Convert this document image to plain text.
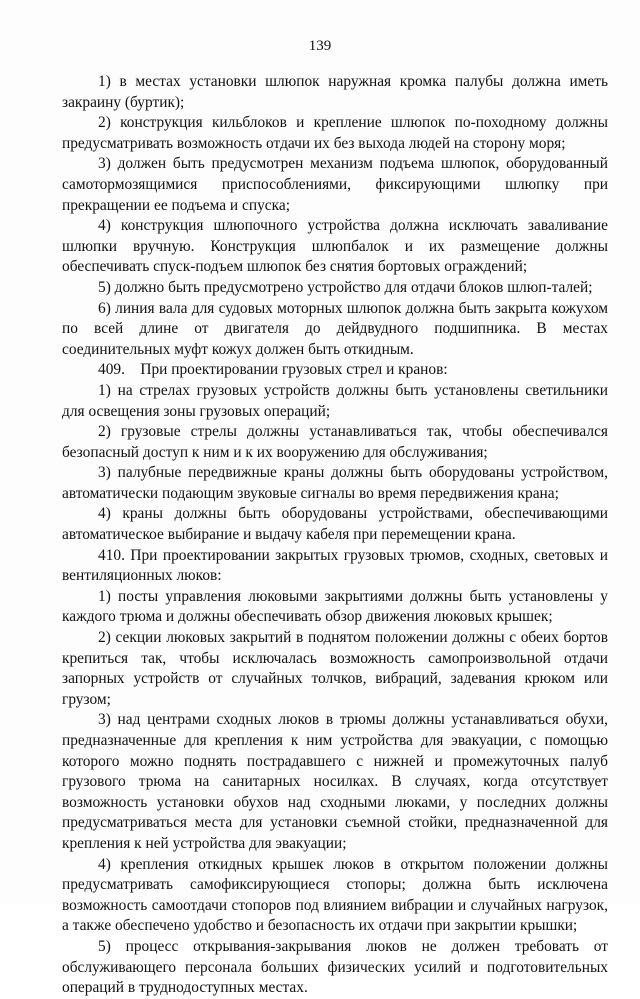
139

1) в местах установки шлюпок наружная кромка палубы должна иметь закраину (буртик);

2) конструкция кильблоков и крепление шлюпок по-походному должны предусматривать возможность отдачи их без выхода людей на сторону моря;

3) должен быть предусмотрен механизм подъема шлюпок, оборудованный самотормозящимися приспособлениями, фиксирующими шлюпку при прекращении ее подъема и спуска;

4) конструкция шлюпочного устройства должна исключать заваливание шлюпки вручную. Конструкция шлюпбалок и их размещение должны обеспечивать спуск-подъем шлюпок без снятия бортовых ограждений;

5) должно быть предусмотрено устройство для отдачи блоков шлюп-талей;

6) линия вала для судовых моторных шлюпок должна быть закрыта кожухом по всей длине от двигателя до дейдвудного подшипника. В местах соединительных муфт кожух должен быть откидным.

409.    При проектировании грузовых стрел и кранов:

1) на стрелах грузовых устройств должны быть установлены светильники для освещения зоны грузовых операций;

2) грузовые стрелы должны устанавливаться так, чтобы обеспечивался безопасный доступ к ним и к их вооружению для обслуживания;

3) палубные передвижные краны должны быть оборудованы устройством, автоматически подающим звуковые сигналы во время передвижения крана;

4) краны должны быть оборудованы устройствами, обеспечивающими автоматическое выбирание и выдачу кабеля при перемещении крана.

410. При проектировании закрытых грузовых трюмов, сходных, световых и вентиляционных люков:

1) посты управления люковыми закрытиями должны быть установлены у каждого трюма и должны обеспечивать обзор движения люковых крышек;

2) секции люковых закрытий в поднятом положении должны с обеих бортов крепиться так, чтобы исключалась возможность самопроизвольной отдачи запорных устройств от случайных толчков, вибраций, задевания крюком или грузом;

3) над центрами сходных люков в трюмы должны устанавливаться обухи, предназначенные для крепления к ним устройства для эвакуации, с помощью которого можно поднять пострадавшего с нижней и промежуточных палуб грузового трюма на санитарных носилках. В случаях, когда отсутствует возможность установки обухов над сходными люками, у последних должны предусматриваться места для установки съемной стойки, предназначенной для крепления к ней устройства для эвакуации;

4) крепления откидных крышек люков в открытом положении должны предусматривать самофиксирующиеся стопоры; должна быть исключена возможность самоотдачи стопоров под влиянием вибрации и случайных нагрузок, а также обеспечено удобство и безопасность их отдачи при закрытии крышки;

5) процесс открывания-закрывания люков не должен требовать от обслуживающего персонала больших физических усилий и подготовительных операций в труднодоступных местах.
